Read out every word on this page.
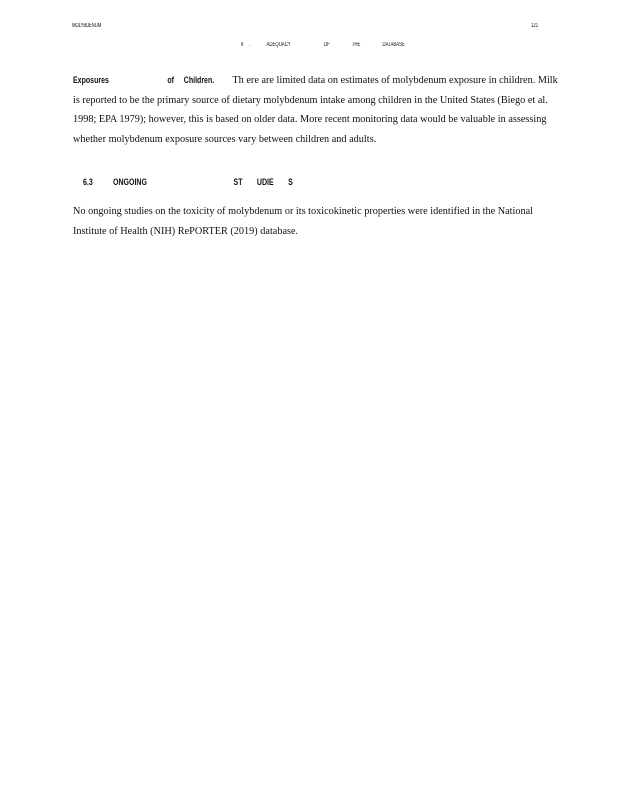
MOLYBDENUM	121
6 .   ADEQUACY      OF    THE    DATABASE

Exposures      of Children. Th ere are limited data on estimates of molybdenum exposure in children. Milk is reported to be the primary source of dietary molybdenum intake among children in the United States (Biego et al. 1998; EPA 1979); however, this is based on older data. More recent monitoring data would be valuable in assessing whether molybdenum exposure sources vary between children and adults.

6.3 ONGOING      ST UDIE S

No ongoing studies on the toxicity of molybdenum or its toxicokinetic properties were identified in the National Institute of Health (NIH) RePORTER (2019) database.
